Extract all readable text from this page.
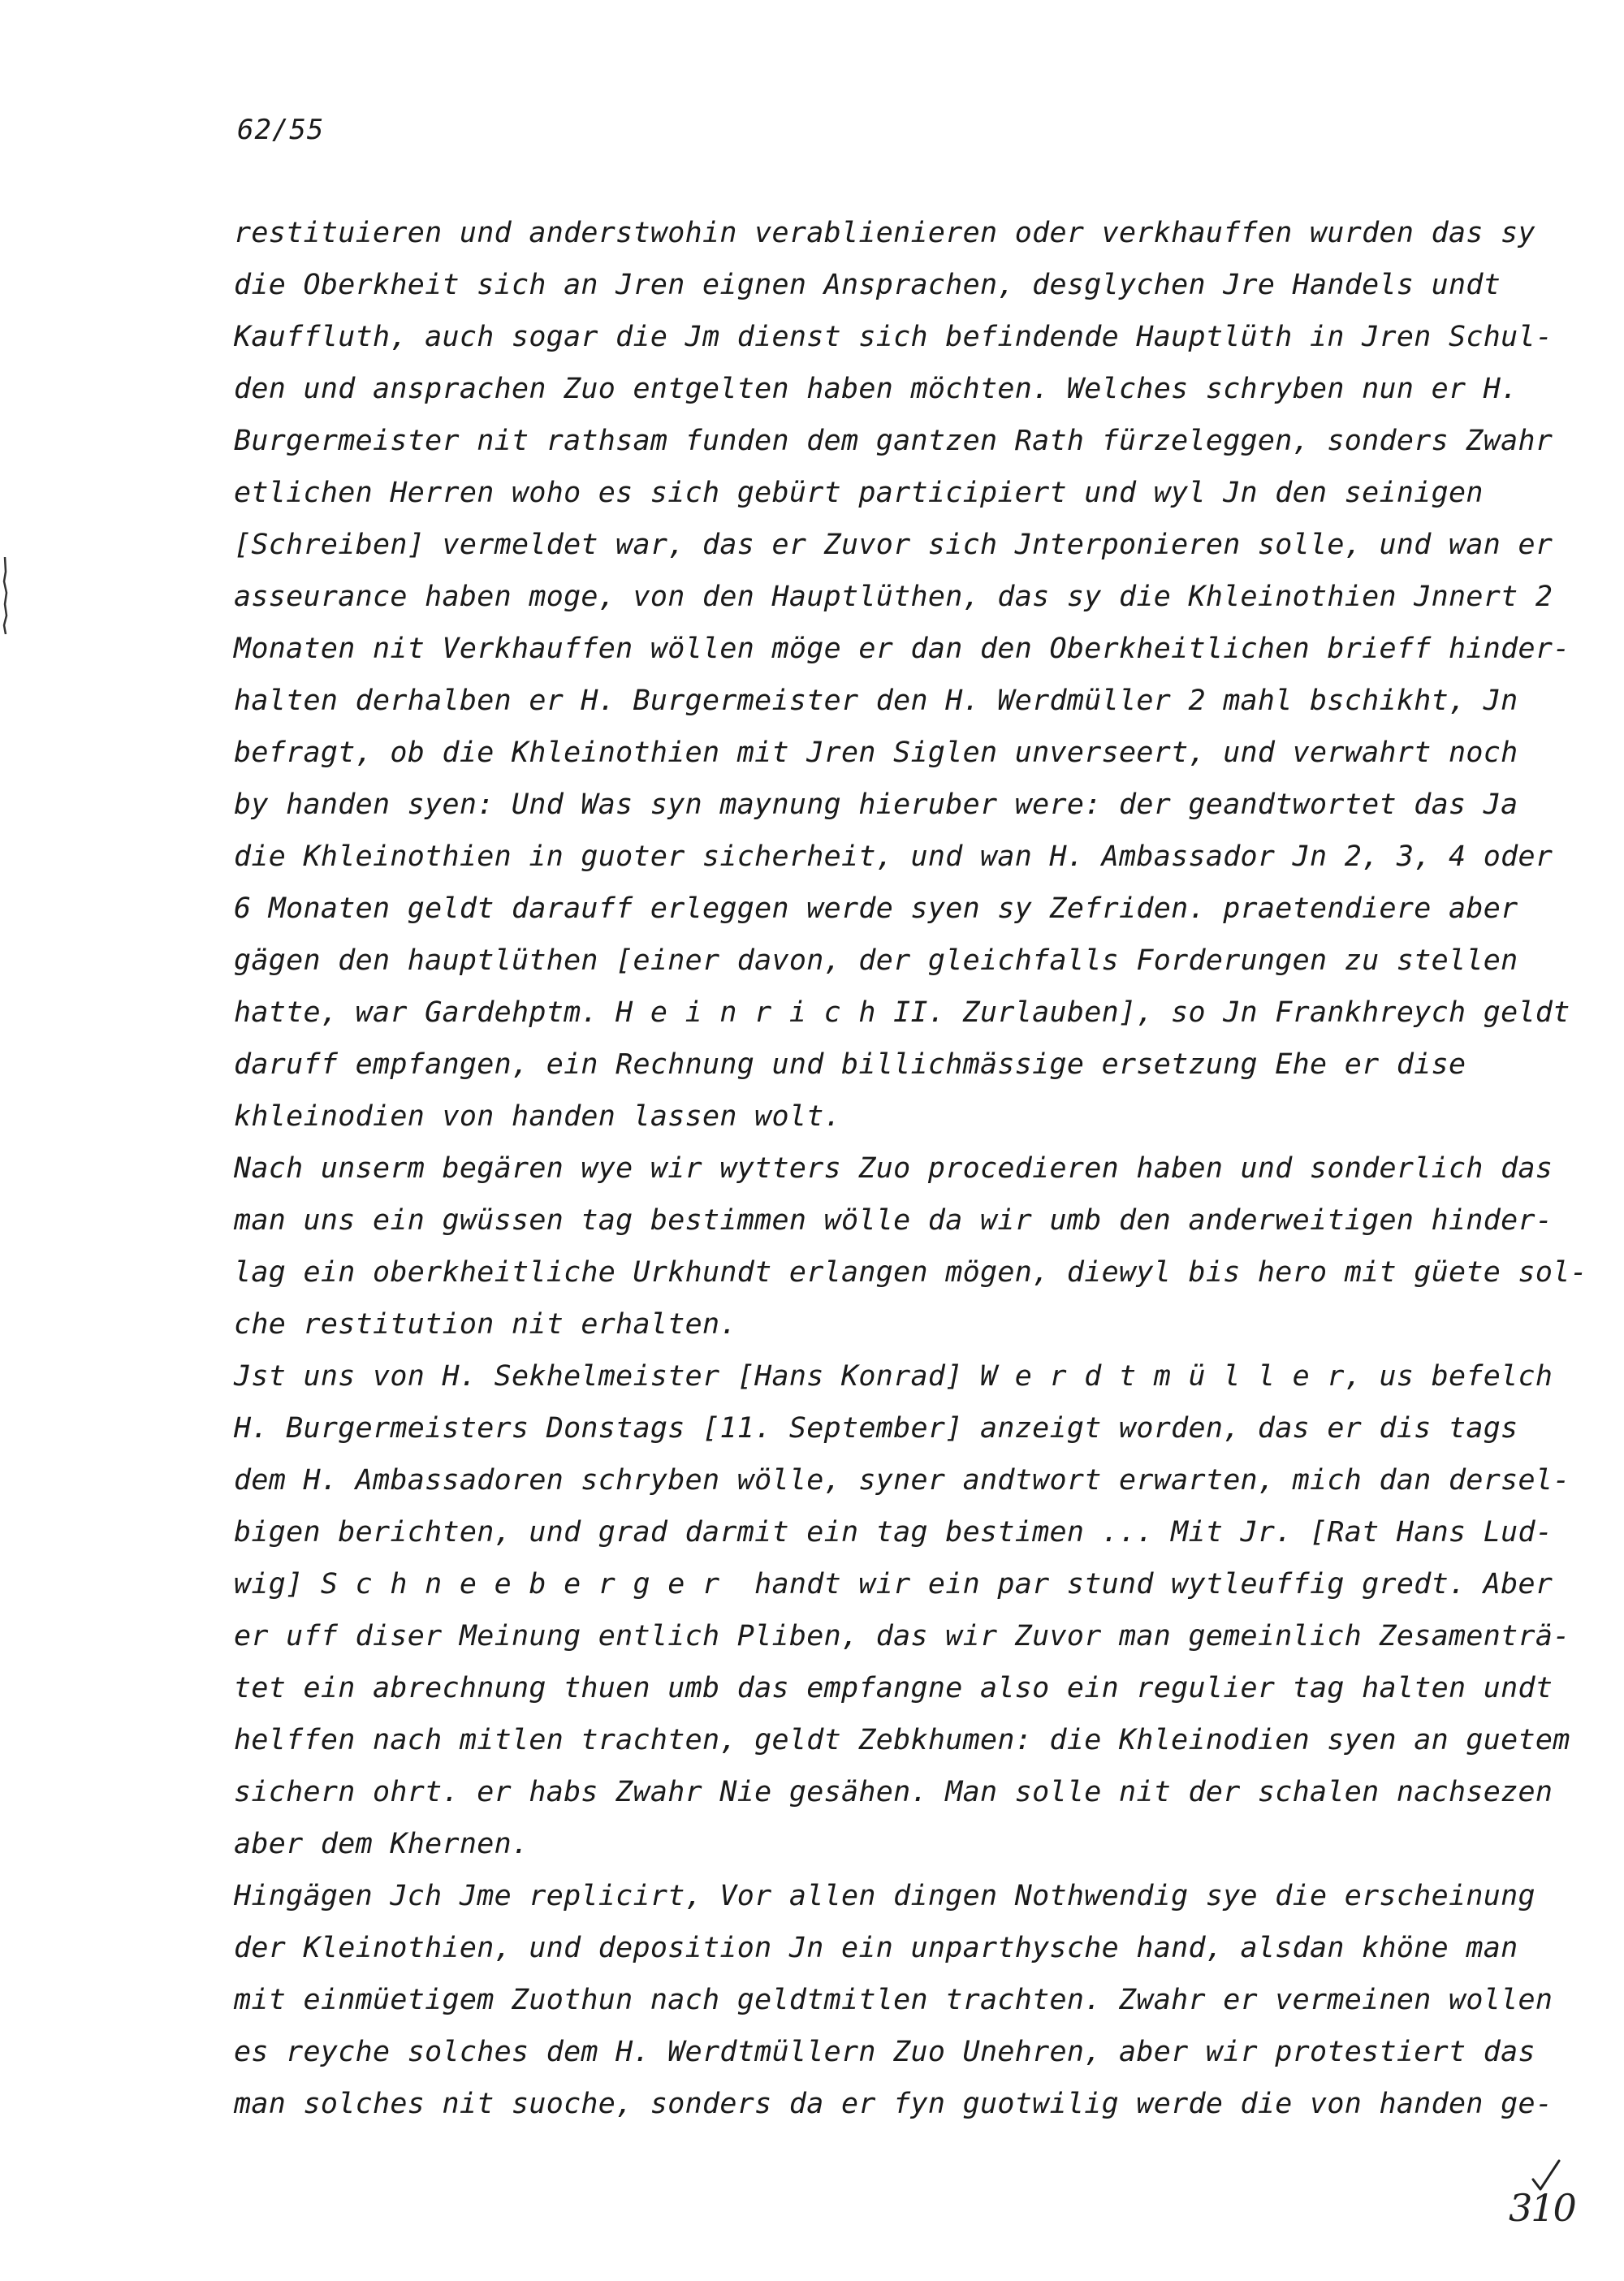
62/55
restituieren und anderstwohin verablienieren oder verkhauffen wurden das sy
die Oberkheit sich an Jren eignen Ansprachen, desglychen Jre Handels undt
Kauffluth, auch sogar die Jm dienst sich befindende Hauptlüth in Jren Schul-
den und ansprachen Zuo entgelten haben möchten. Welches schryben nun er H.
Burgermeister nit rathsam funden dem gantzen Rath fürzeleggen, sonders Zwahr
etlichen Herren woho es sich gebürt participiert und wyl Jn den seinigen
[Schreiben] vermeldet war, das er Zuvor sich Jnterponieren solle, und wan er
asseurance haben moge, von den Hauptlüthen, das sy die Khleinothien Jnnert 2
Monaten nit Verkhauffen wöllen möge er dan den Oberkheitlichen brieff hinder-
halten derhalben er H. Burgermeister den H. Werdmüller 2 mahl bschikht, Jn
befragt, ob die Khleinothien mit Jren Siglen unverseert, und verwahrt noch
by handen syen: Und Was syn maynung hieruber were: der geandtwortet das Ja
die Khleinothien in guoter sicherheit, und wan H. Ambassador Jn 2, 3, 4 oder
6 Monaten geldt darauff erleggen werde syen sy Zefriden. praetendiere aber
gägen den hauptlüthen [einer davon, der gleichfalls Forderungen zu stellen
hatte, war Gardehptm. H e i n r i c h II. Zurlauben], so Jn Frankhreych geldt
daruff empfangen, ein Rechnung und billichmässige ersetzung Ehe er dise
khleinodien von handen lassen wolt.
Nach unserm begären wye wir wytters Zuo procedieren haben und sonderlich das
man uns ein gwüssen tag bestimmen wölle da wir umb den anderweitigen hinder-
lag ein oberkheitliche Urkhundt erlangen mögen, diewyl bis hero mit güete sol-
che restitution nit erhalten.
Jst uns von H. Sekhelmeister [Hans Konrad] W e r d t m ü l l e r, us befelch
H. Burgermeisters Donstags [11. September] anzeigt worden, das er dis tags
dem H. Ambassadoren schryben wölle, syner andtwort erwarten, mich dan dersel-
bigen berichten, und grad darmit ein tag bestimen ... Mit Jr. [Rat Hans Lud-
wig] S c h n e e b e r g e r  handt wir ein par stund wytleuffig gredt. Aber
er uff diser Meinung entlich Pliben, das wir Zuvor man gemeinlich Zesamenträ-
tet ein abrechnung thuen umb das empfangne also ein regulier tag halten undt
helffen nach mitlen trachten, geldt Zebkhumen: die Khleinodien syen an guetem
sichern ohrt. er habs Zwahr Nie gesähen. Man solle nit der schalen nachsezen
aber dem Khernen.
Hingägen Jch Jme replicirt, Vor allen dingen Nothwendig sye die erscheinung
der Kleinothien, und deposition Jn ein unparthysche hand, alsdan khöne man
mit einmüetigem Zuothun nach geldtmitlen trachten. Zwahr er vermeinen wollen
es reyche solches dem H. Werdtmüllern Zuo Unehren, aber wir protestiert das
man solches nit suoche, sonders da er fyn guotwilig werde die von handen ge-
310
